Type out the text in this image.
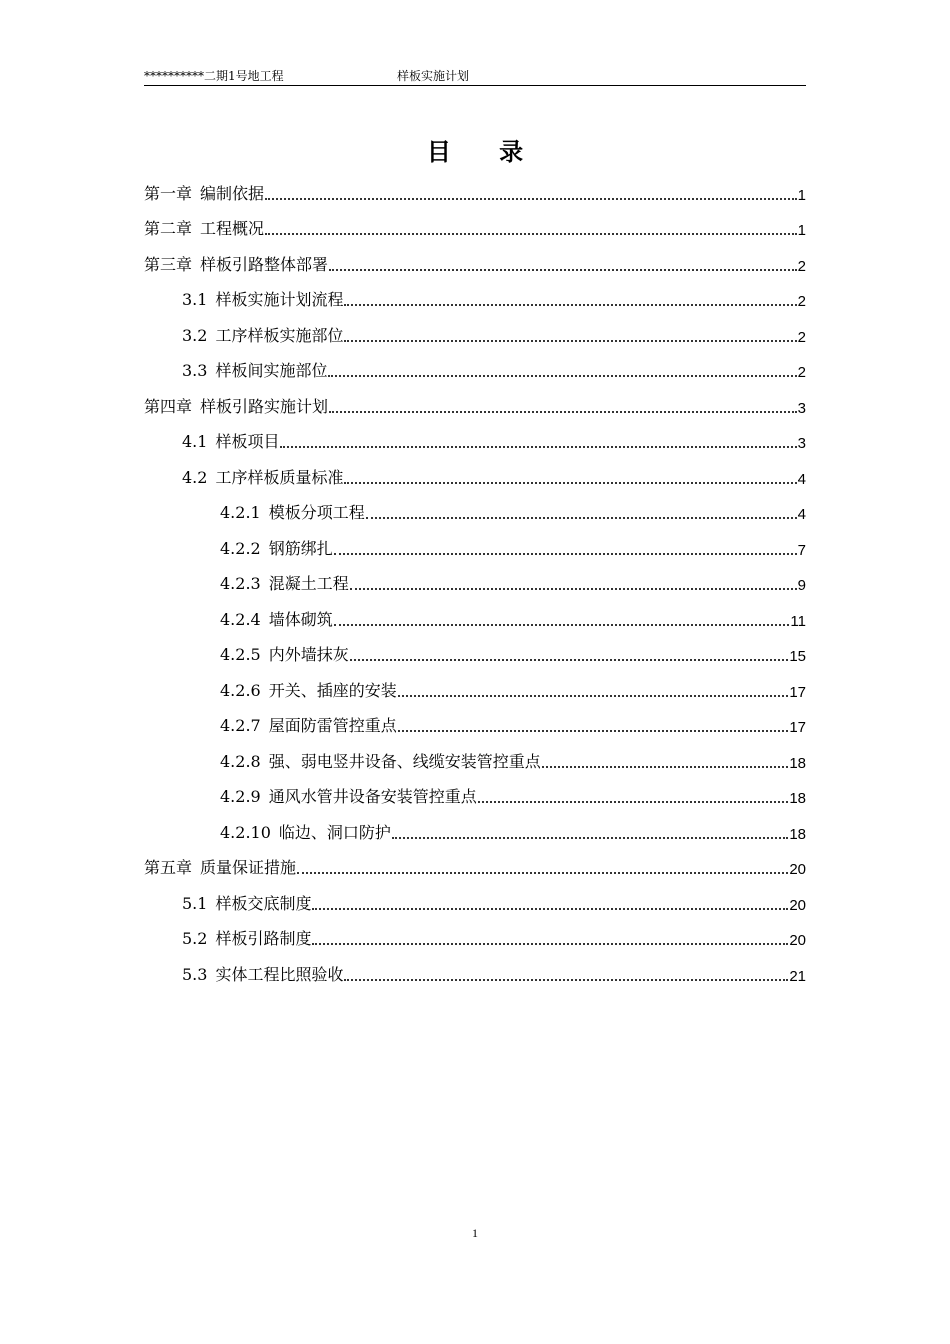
**********二期1号地工程	样板实施计划
目 录
第一章 编制依据	1
第二章 工程概况	1
第三章 样板引路整体部署	2
3.1 样板实施计划流程	2
3.2 工序样板实施部位	2
3.3 样板间实施部位	2
第四章 样板引路实施计划	3
4.1 样板项目	3
4.2 工序样板质量标准	4
4.2.1 模板分项工程	4
4.2.2 钢筋绑扎	7
4.2.3 混凝土工程	9
4.2.4 墙体砌筑	11
4.2.5 内外墙抹灰	15
4.2.6 开关、插座的安装	17
4.2.7 屋面防雷管控重点	17
4.2.8 强、弱电竖井设备、线缆安装管控重点	18
4.2.9 通风水管井设备安装管控重点	18
4.2.10 临边、洞口防护	18
第五章 质量保证措施	20
5.1 样板交底制度	20
5.2 样板引路制度	20
5.3 实体工程比照验收	21
1
